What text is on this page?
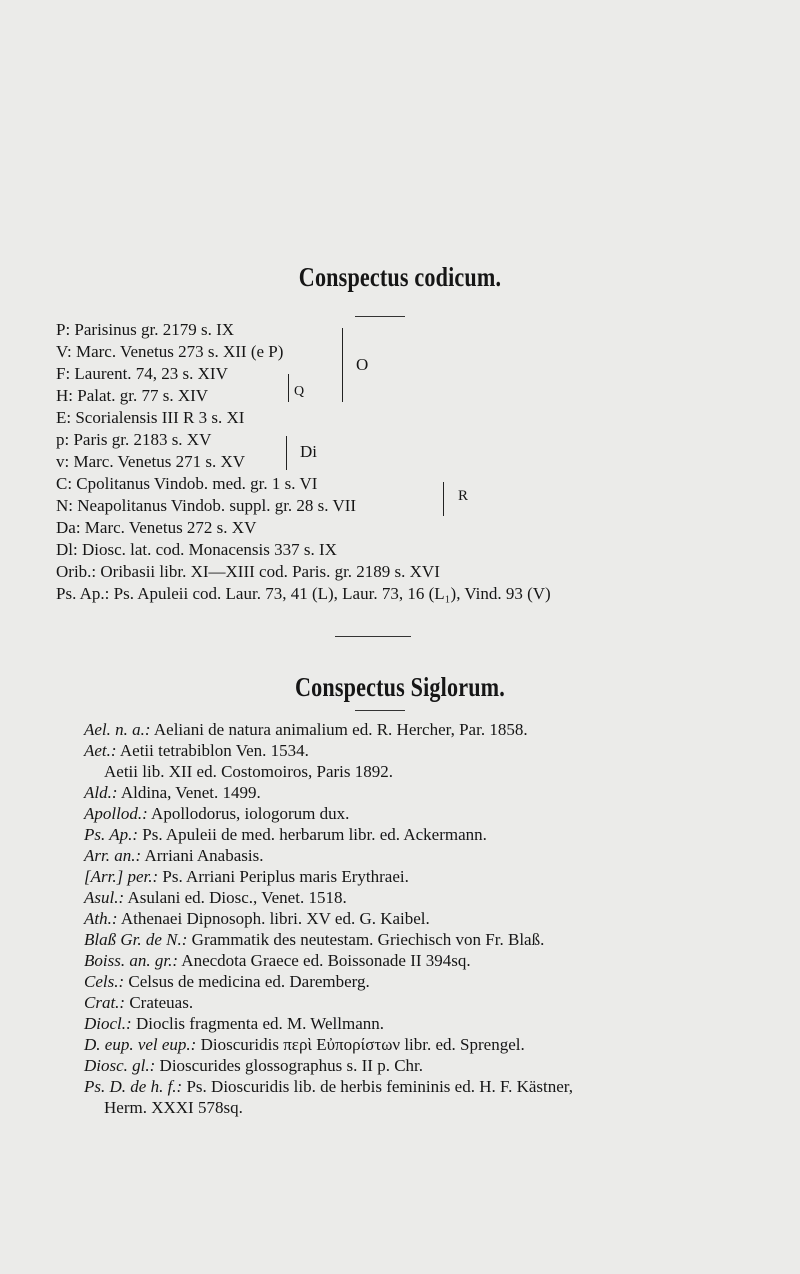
Conspectus codicum.
P: Parisinus gr. 2179 s. IX
V: Marc. Venetus 273 s. XII (e P)
F: Laurent. 74, 23 s. XIV
H: Palat. gr. 77 s. XIV
E: Scorialensis III R 3 s. XI
p: Paris gr. 2183 s. XV
v: Marc. Venetus 271 s. XV
C: Cpolitanus Vindob. med. gr. 1 s. VI
N: Neapolitanus Vindob. suppl. gr. 28 s. VII
Da: Marc. Venetus 272 s. XV
Dl: Diosc. lat. cod. Monacensis 337 s. IX
Orib.: Oribasii libr. XI—XIII cod. Paris. gr. 2189 s. XVI
Ps. Ap.: Ps. Apuleii cod. Laur. 73, 41 (L), Laur. 73, 16 (L₁), Vind. 93 (V)
O
Q
Di
R
Conspectus Siglorum.
Ael. n. a.: Aeliani de natura animalium ed. R. Hercher, Par. 1858.
Aet.: Aetii tetrabiblon Ven. 1534.
Aetii lib. XII ed. Costomoiros, Paris 1892.
Ald.: Aldina, Venet. 1499.
Apollod.: Apollodorus, iologorum dux.
Ps. Ap.: Ps. Apuleii de med. herbarum libr. ed. Ackermann.
Arr. an.: Arriani Anabasis.
[Arr.] per.: Ps. Arriani Periplus maris Erythraei.
Asul.: Asulani ed. Diosc., Venet. 1518.
Ath.: Athenaei Dipnosoph. libri. XV ed. G. Kaibel.
Blaß Gr. de N.: Grammatik des neutestam. Griechisch von Fr. Blaß.
Boiss. an. gr.: Anecdota Graece ed. Boissonade II 394sq.
Cels.: Celsus de medicina ed. Daremberg.
Crat.: Crateuas.
Diocl.: Dioclis fragmenta ed. M. Wellmann.
D. eup. vel eup.: Dioscuridis περὶ Εὐπορίστων libr. ed. Sprengel.
Diosc. gl.: Dioscurides glossographus s. II p. Chr.
Ps. D. de h. f.: Ps. Dioscuridis lib. de herbis femininis ed. H. F. Kästner,
Herm. XXXI 578sq.
